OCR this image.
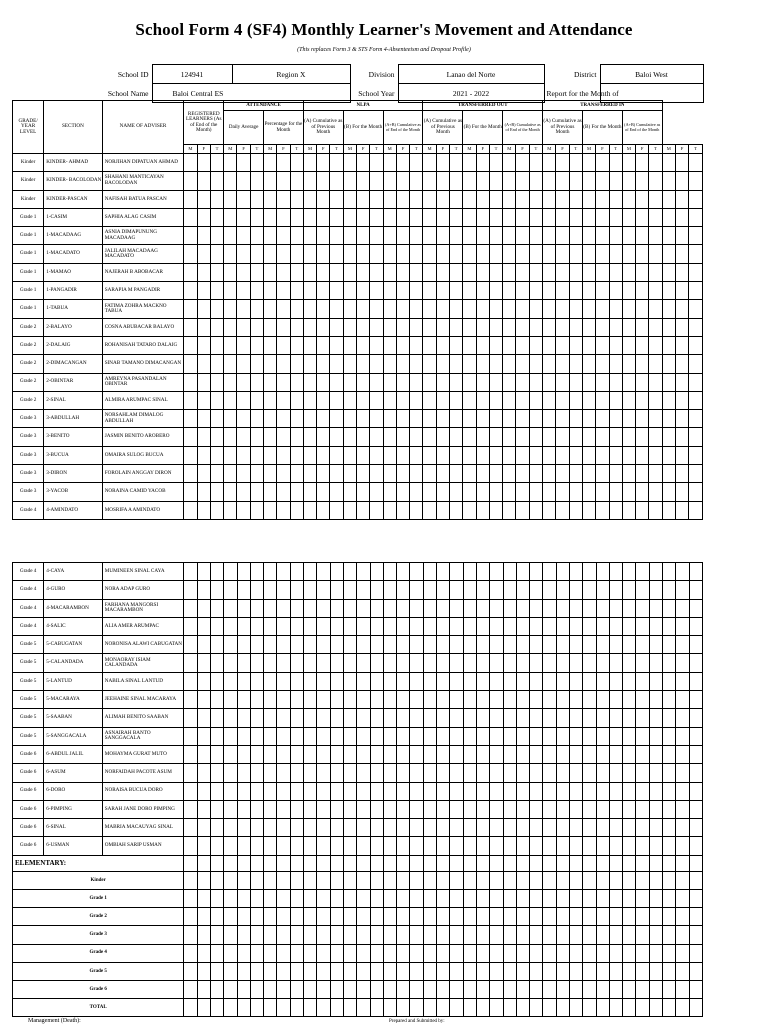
School Form 4 (SF4) Monthly Learner's Movement and Attendance
(This replaces Form 3 & STS Form 4-Absenteeism and Dropout Profile)
School ID	124941	Region X	Division	Lanao del Norte	District	Baloi West
School Name	Baloi Central ES		School Year	2021 - 2022	Report for the Month of	
GRADE/ YEAR LEVEL	SECTION	NAME OF ADVISER	REGISTERED LEARNERS (As of End of the Month)			ATTENDANCE						NLPA									TRANSFERRED OUT									TRANSFERRED IN											
						Daily Average			Percentage for the Month			(A) Cumulative as of Previous Month			(B) For the Month			(A+B) Cumulative as of End of the Month			(A) Cumulative as of Previous Month			(B) For the Month			(A+B) Cumulative as of End of the Month			(A) Cumulative as of Previous Month			(B) For the Month			(A+B) Cumulative as of End of the Month					
			M	F	T	M	F	T	M	F	T	M	F	T	M	F	T	M	F	T	M	F	T	M	F	T	M	F	T	M	F	T	M	F	T	M	F	T	M	F	T
Kinder	KINDER- AHMAD	NORJIHAN DIPATUAN AHMAD																																							
Kinder	KINDER- BACOLODAN	SHAHANI MANTICAYAN BACOLODAN																																							
Kinder	KINDER-PASCAN	NAFISAH BATUA PASCAN																																							
Grade 1	1-CASIM	SAPHIA ALAG CASIM																																							
Grade 1	1-MACADAAG	ASNIA DIMAPUNUNG MACADAAG																																							
Grade 1	1-MACADATO	JALILAH MACADAAG MACADATO																																							
Grade 1	1-MAMAO	NAJERAH B ABOBACAR																																							
Grade 1	1-PANGADIR	SARAPIA M PANGADIR																																							
Grade 1	1-TABUA	FATIMA ZOHRA MACKNO TABUA																																							
Grade 2	2-BALAYO	COSNA ABUBACAR BALAYO																																							
Grade 2	2-DALAIG	ROHANISAH TATARO DALAIG																																							
Grade 2	2-DIMACANGAN	SINAB TAMANO DIMACANGAN																																							
Grade 2	2-OBINTAR	AMREYNA PASANDALAN OBINTAR																																							
Grade 2	2-SINAL	ALMIRA ARUMPAC SINAL																																							
Grade 3	3-ABDULLAH	NORSAHLAM DIMALOG ABDULLAH																																							
Grade 3	3-BENITO	JASMIN BENITO AROBERO																																							
Grade 3	3-BUCUA	OMAIRA SULOG BUCUA																																							
Grade 3	3-DIRON	FOROLAIN ANGGAY DIRON																																							
Grade 3	3-YACOB	NORAINA CAMID YACOB																																							
Grade 4	4-AMINDATO	MOSRIFA A AMINDATO																																							
Grade 4	4-CAYA	MUMINEEN SINAL CAYA																																							
Grade 4	4-GURO	NORA ADAP GURO																																							
Grade 4	4-MACARAMBON	FARHANA MANGORSI MACARAMBON																																							
Grade 4	4-SALIC	ALIA AMER ARUMPAC																																							
Grade 5	5-CABUGATAN	NORONISA ALAWI CABUGATAN																																							
Grade 5	5-CALANDADA	MONAORAY ISIAM CALANDADA																																							
Grade 5	5-LANTUD	NABILA SINAL LANTUD																																							
Grade 5	5-MACARAYA	JEEHAINE SINAL MACARAYA																																							
Grade 5	5-SAABAN	ALIMAH BENITO SAABAN																																							
Grade 5	5-SANGGACALA	ASNAIRAH BANTO SANGGACALA																																							
Grade 6	6-ABDUL JALIL	MOHAYMA GURAT MUTO																																							
Grade 6	6-ASUM	NORFAIDAH PACOTE ASUM																																							
Grade 6	6-DORO	NORAISA BUCUA DORO																																							
Grade 6	6-PIMPING	SARAH JANE DORO PIMPING																																							
Grade 6	6-SINAL	MABRIA MACAUYAG SINAL																																							
Grade 6	6-USMAN	OMBIAH SARIP USMAN																																							
ELEMENTARY:																																									
Kinder																																									
Grade 1																																									
Grade 2																																									
Grade 3																																									
Grade 4																																									
Grade 5																																									
Grade 6																																									
TOTAL																																									
Management (Death):	Prepared and Submitted by:
